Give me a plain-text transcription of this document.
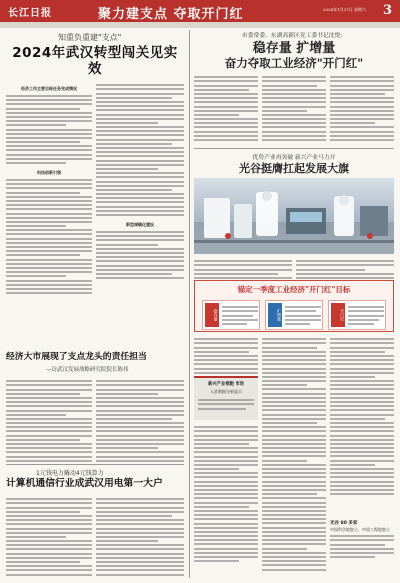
长江日报	聚力建支点 夺取开门红	2024年1月27日 星期六 3
知重负重建"支点"
2024年武汉转型闯关见实效
经济工作主要目标任务完成情况
科技创新引领
新型城镇化建设
经济大市展现了支点龙头的责任担当
—访武汉发展战略研究院院长陈伟
1元钱电力撬动4元钱算力
计算机通信行业成武汉用电第一大户
市委常委、东湖高新区党工委书记沈悦：
稳存量 扩增量
奋力夺取工业经济"开门红"
优势产业再突破 新兴产业马力开
光谷挺膺扛起发展大旗
锚定一季度工业经济"开门红"目标
稳存量	扩增量	开门红
新兴产业领跑 市场
入驻数据分析显示
光谷 80 多家
中国科学院院士、中国工程院院士
